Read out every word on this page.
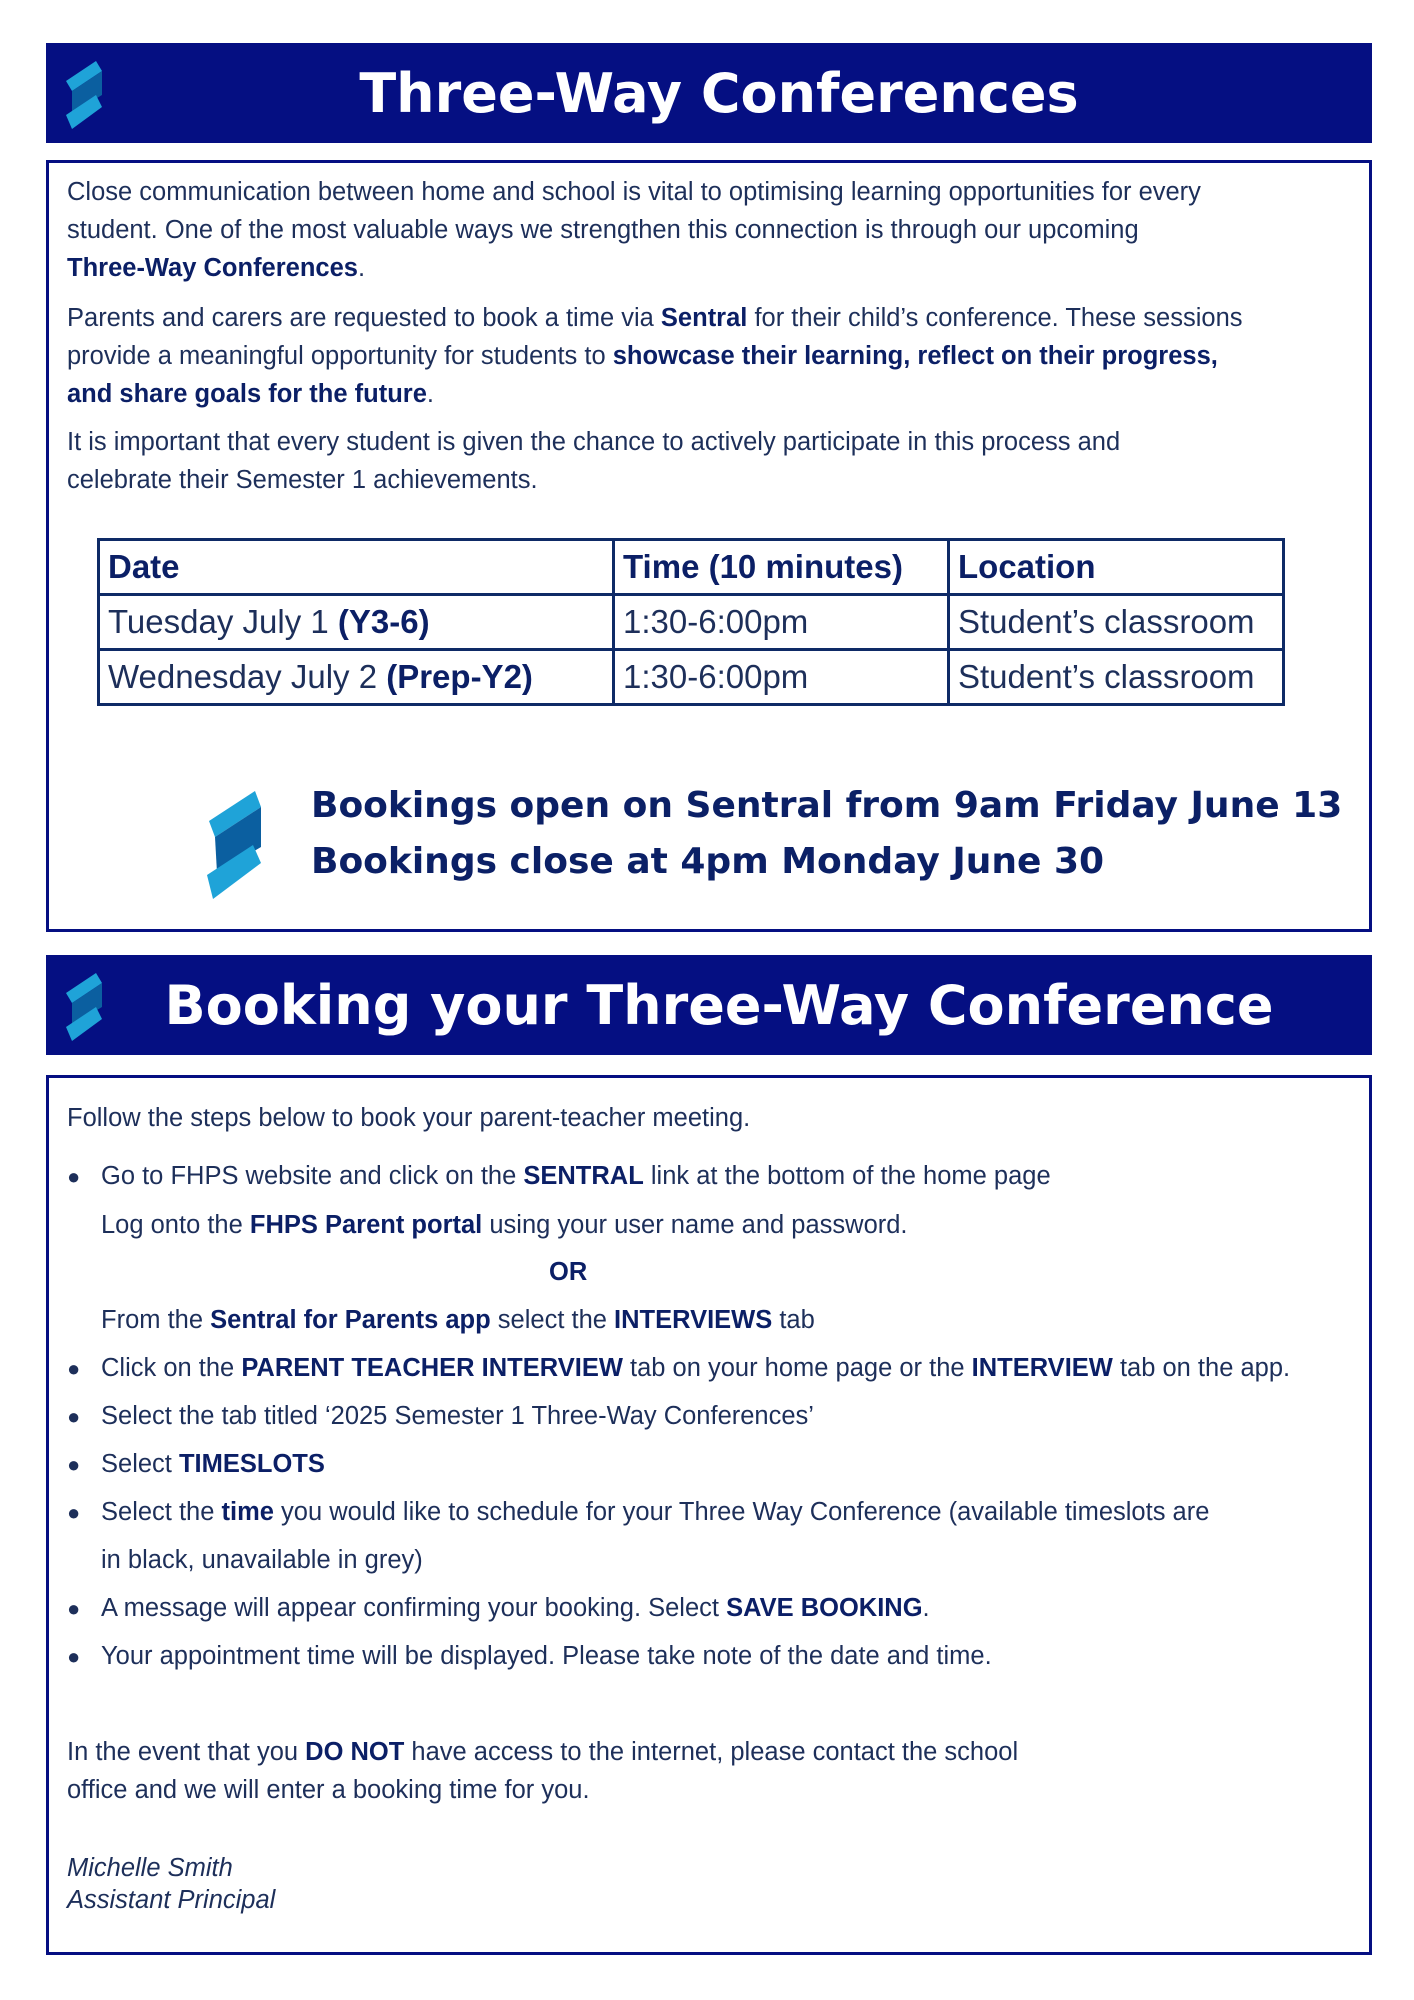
Three-Way Conferences
Close communication between home and school is vital to optimising learning opportunities for every
student. One of the most valuable ways we strengthen this connection is through our upcoming
Three-Way Conferences.
Parents and carers are requested to book a time via Sentral for their child’s conference. These sessions
provide a meaningful opportunity for students to showcase their learning, reflect on their progress,
and share goals for the future.
It is important that every student is given the chance to actively participate in this process and
celebrate their Semester 1 achievements.
Date	Time (10 minutes)	Location
Tuesday July 1 (Y3-6)	1:30-6:00pm	Student’s classroom
Wednesday July 2 (Prep-Y2)	1:30-6:00pm	Student’s classroom
Bookings open on Sentral from 9am Friday June 13
Bookings close at 4pm Monday June 30
Booking your Three-Way Conference
Follow the steps below to book your parent-teacher meeting.
● Go to FHPS website and click on the SENTRAL link at the bottom of the home page
Log onto the FHPS Parent portal using your user name and password.
OR
From the Sentral for Parents app select the INTERVIEWS tab
● Click on the PARENT TEACHER INTERVIEW tab on your home page or the INTERVIEW tab on the app.
● Select the tab titled ‘2025 Semester 1 Three-Way Conferences’
● Select TIMESLOTS
● Select the time you would like to schedule for your Three Way Conference (available timeslots are
in black, unavailable in grey)
● A message will appear confirming your booking. Select SAVE BOOKING.
● Your appointment time will be displayed. Please take note of the date and time.
In the event that you DO NOT have access to the internet, please contact the school
office and we will enter a booking time for you.
Michelle Smith
Assistant Principal
